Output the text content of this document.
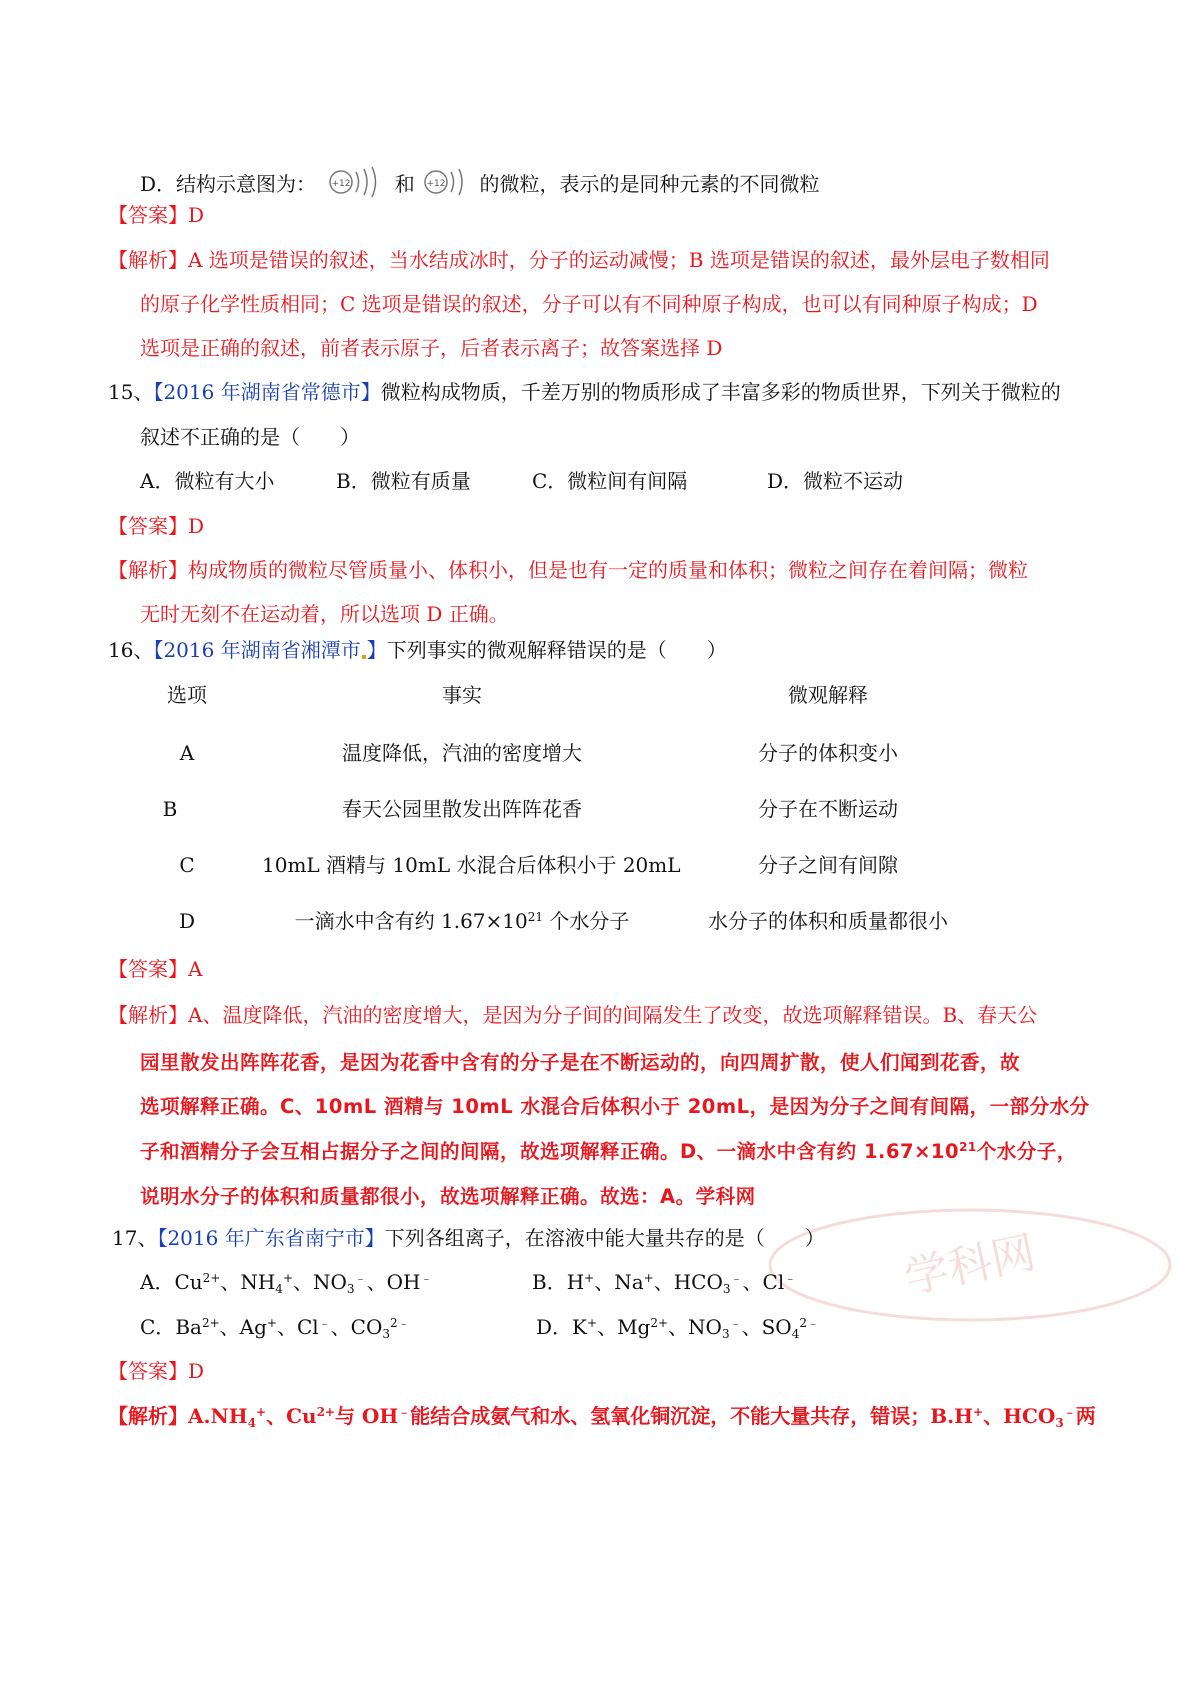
D．结构示意图为： +12 和 +12 的微粒，表示的是同种元素的不同微粒
【答案】D
【解析】A 选项是错误的叙述，当水结成冰时，分子的运动减慢；B 选项是错误的叙述，最外层电子数相同
的原子化学性质相同；C 选项是错误的叙述，分子可以有不同种原子构成，也可以有同种原子构成；D
选项是正确的叙述，前者表示原子，后者表示离子；故答案选择 D
15、【2016 年湖南省常德市】微粒构成物质，千差万别的物质形成了丰富多彩的物质世界，下列关于微粒的
叙述不正确的是（　　）
A．微粒有大小	B．微粒有质量	C．微粒间有间隔	D．微粒不运动
【答案】D
【解析】构成物质的微粒尽管质量小、体积小，但是也有一定的质量和体积；微粒之间存在着间隔；微粒
无时无刻不在运动着，所以选项 D 正确。
16、【2016 年湖南省湘潭市 】下列事实的微观解释错误的是（　　）
选项	事实	微观解释
A	温度降低，汽油的密度增大	分子的体积变小
B	春天公园里散发出阵阵花香	分子在不断运动
C	10mL 酒精与 10mL 水混合后体积小于 20mL	分子之间有间隙
D	一滴水中含有约 $1.67\times 10^{21}$ 个水分子	水分子的体积和质量都很小
【答案】A
【解析】A、温度降低，汽油的密度增大，是因为分子间的间隔发生了改变，故选项解释错误。B、春天公
学科网
园里散发出阵阵花香，是因为花香中含有的分子是在不断运动的，向四周扩散，使人们闻到花香，故
选项解释正确。C、10mL 酒精与 10mL 水混合后体积小于 20mL，是因为分子之间有间隔，一部分水分
子和酒精分子会互相占据分子之间的间隔，故选项解释正确。D、一滴水中含有约 $1.67\times 10^{21}$个水分子，
说明水分子的体积和质量都很小，故选项解释正确。故选：A。学科网
17、【2016 年广东省南宁市】下列各组离子，在溶液中能大量共存的是（　　）
A．$Cu^{2+}$、$NH_4^+$、$NO_3^﹣$、OH﹣	B．H+、Na+、$HCO_3^﹣$、Cl﹣
C．$Ba^{2+}$、Ag+、Cl﹣、$CO_3^{2﹣}$	D．K+、$Mg^{2+}$、$NO_3^﹣$、$SO_4^{2﹣}$
【答案】D
【解析】$A.NH_4^+$、$Cu^{2+}$与 OH﹣能结合成氨气和水、氢氧化铜沉淀，不能大量共存，错误；B.H+、$HCO_3^﹣$两
